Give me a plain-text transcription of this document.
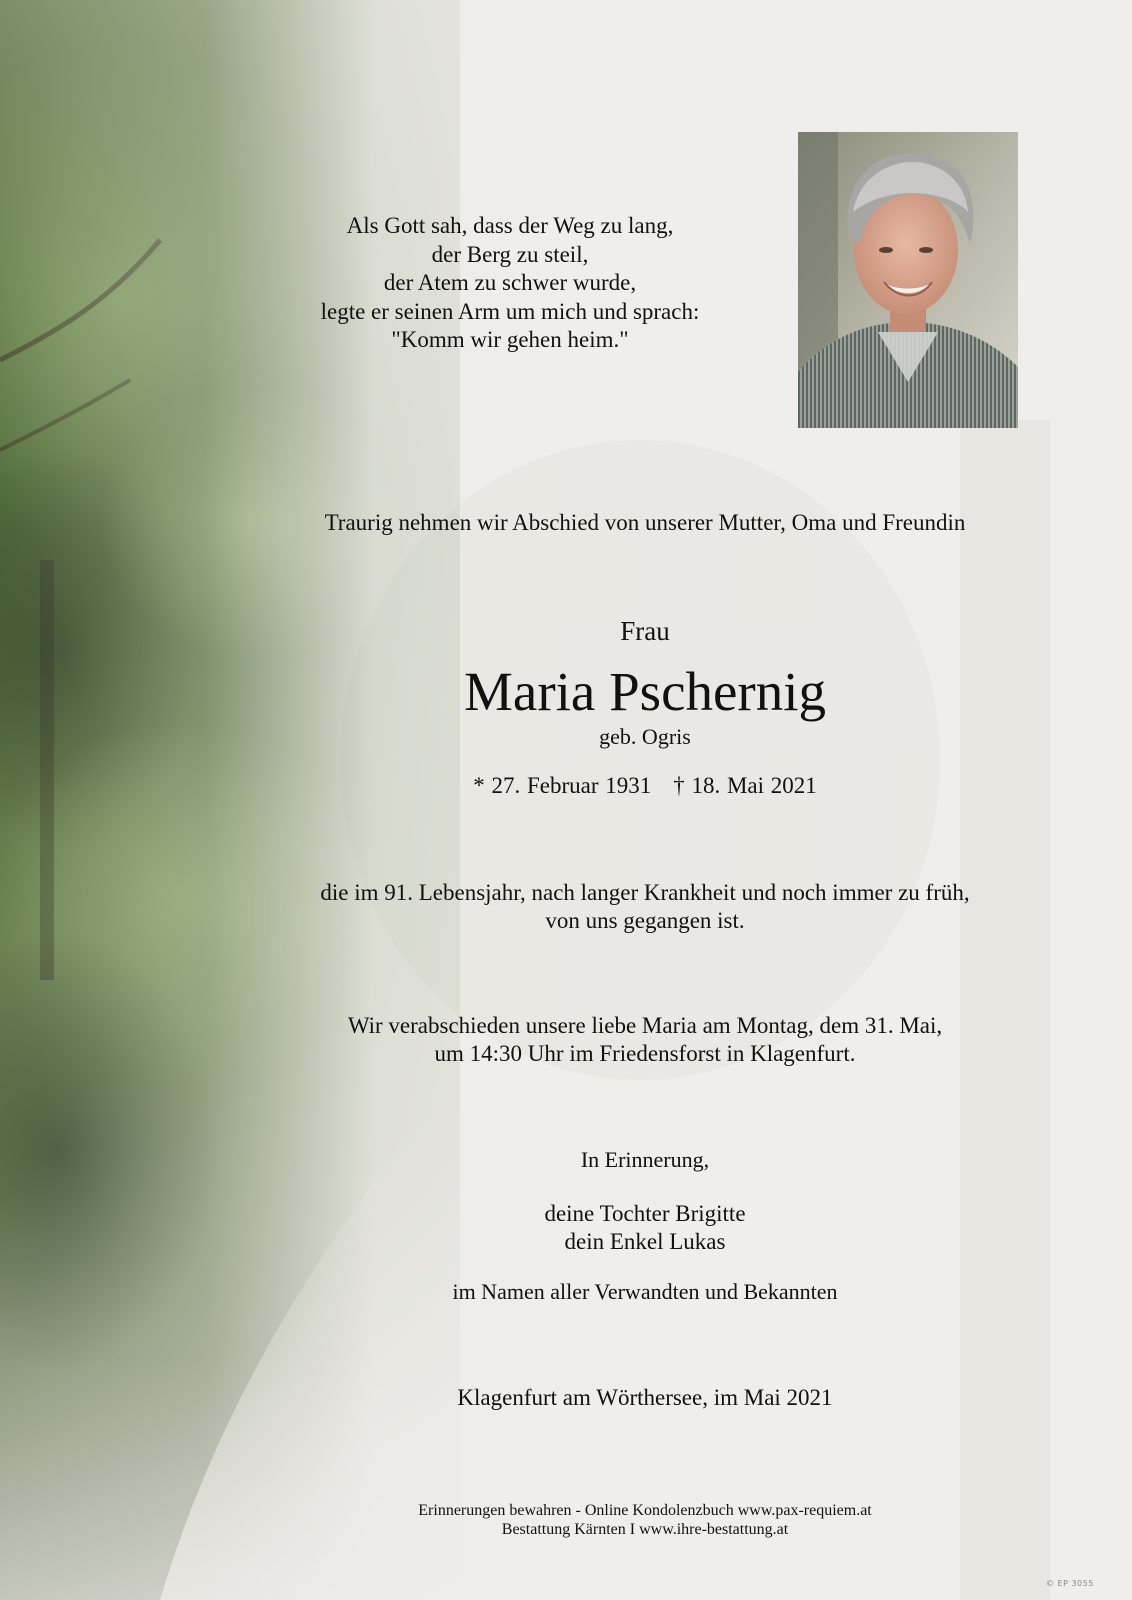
Als Gott sah, dass der Weg zu lang,
der Berg zu steil,
der Atem zu schwer wurde,
legte er seinen Arm um mich und sprach:
"Komm wir gehen heim."
Traurig nehmen wir Abschied von unserer Mutter, Oma und Freundin
Frau
Maria Pschernig
geb. Ogris
* 27. Februar 1931 † 18. Mai 2021
die im 91. Lebensjahr, nach langer Krankheit und noch immer zu früh,
von uns gegangen ist.
Wir verabschieden unsere liebe Maria am Montag, dem 31. Mai,
um 14:30 Uhr im Friedensforst in Klagenfurt.
In Erinnerung,
deine Tochter Brigitte
dein Enkel Lukas
im Namen aller Verwandten und Bekannten
Klagenfurt am Wörthersee, im Mai 2021
Erinnerungen bewahren - Online Kondolenzbuch www.pax-requiem.at
Bestattung Kärnten I www.ihre-bestattung.at
© EP 3055
